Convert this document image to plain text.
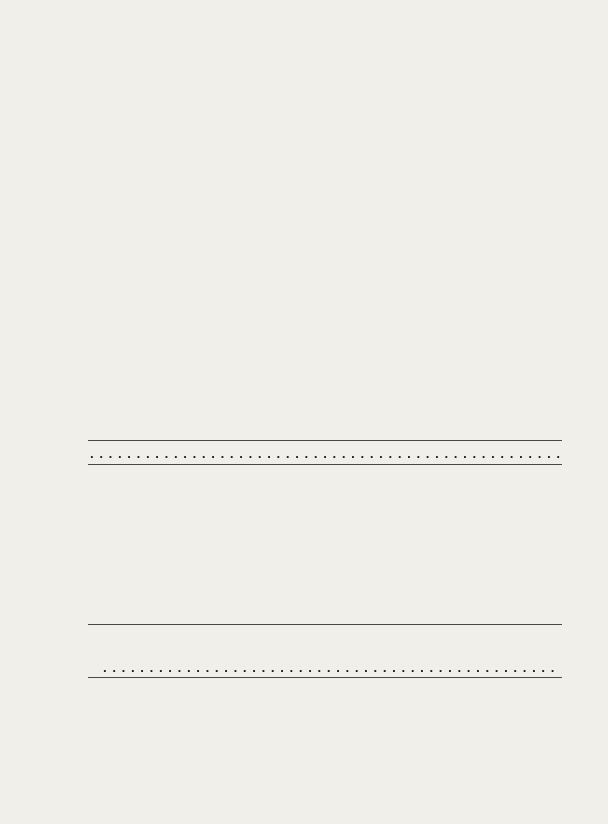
. . .
. . .
